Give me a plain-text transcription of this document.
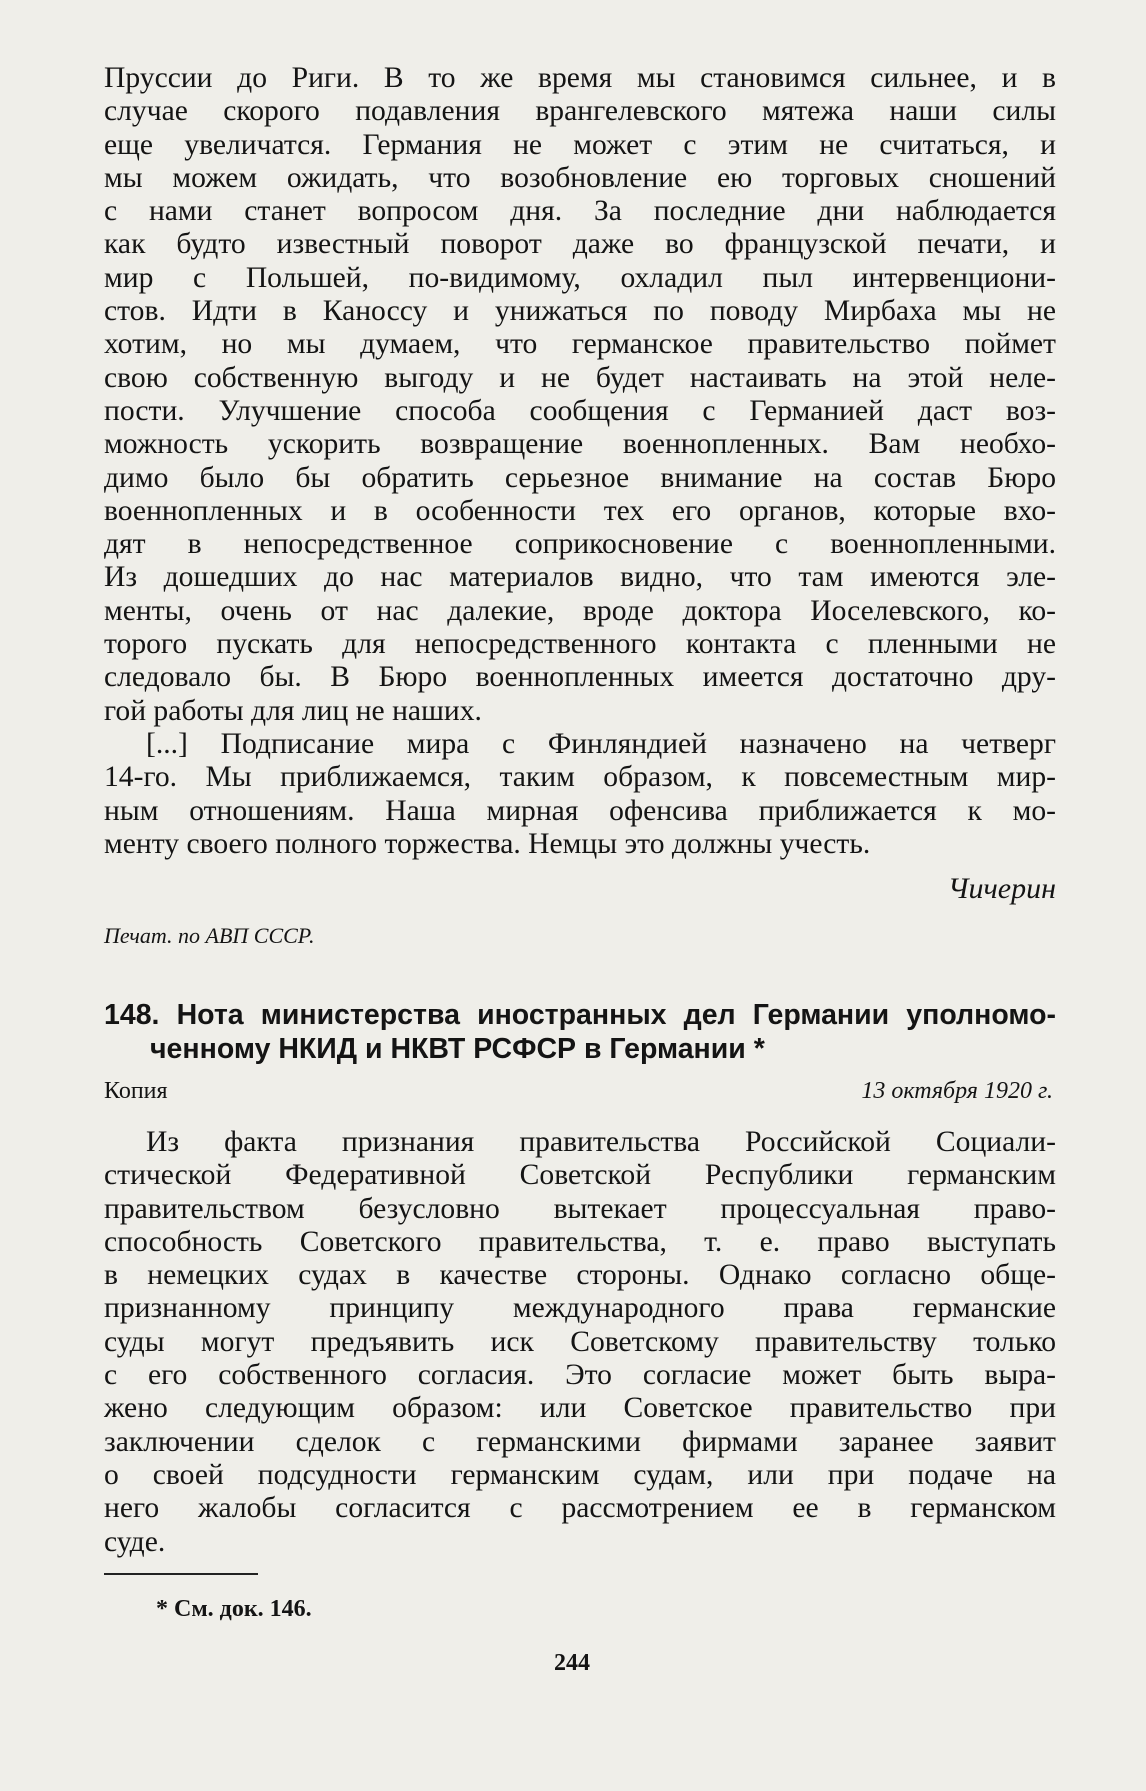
Пруссии до Риги. В то же время мы становимся сильнее, и в
случае скорого подавления врангелевского мятежа наши силы
еще увеличатся. Германия не может с этим не считаться, и
мы можем ожидать, что возобновление ею торговых сношений
с нами станет вопросом дня. За последние дни наблюдается
как будто известный поворот даже во французской печати, и
мир с Польшей, по-видимому, охладил пыл интервенциони-
стов. Идти в Каноссу и унижаться по поводу Мирбаха мы не
хотим, но мы думаем, что германское правительство поймет
свою собственную выгоду и не будет настаивать на этой неле-
пости. Улучшение способа сообщения с Германией даст воз-
можность ускорить возвращение военнопленных. Вам необхо-
димо было бы обратить серьезное внимание на состав Бюро
военнопленных и в особенности тех его органов, которые вхо-
дят в непосредственное соприкосновение с военнопленными.
Из дошедших до нас материалов видно, что там имеются эле-
менты, очень от нас далекие, вроде доктора Иоселевского, ко-
торого пускать для непосредственного контакта с пленными не
следовало бы. В Бюро военнопленных имеется достаточно дру-
гой работы для лиц не наших.
[...] Подписание мира с Финляндией назначено на четверг
14-го. Мы приближаемся, таким образом, к повсеместным мир-
ным отношениям. Наша мирная офенсива приближается к мо-
менту своего полного торжества. Немцы это должны учесть.
Чичерин
Печат. по АВП СССР.
148. Нота министерства иностранных дел Германии уполномо-
ченному НКИД и НКВТ РСФСР в Германии *
Копия	13 октября 1920 г.
Из факта признания правительства Российской Социали-
стической Федеративной Советской Республики германским
правительством безусловно вытекает процессуальная право-
способность Советского правительства, т. е. право выступать
в немецких судах в качестве стороны. Однако согласно обще-
признанному принципу международного права германские
суды могут предъявить иск Советскому правительству только
с его собственного согласия. Это согласие может быть выра-
жено следующим образом: или Советское правительство при
заключении сделок с германскими фирмами заранее заявит
о своей подсудности германским судам, или при подаче на
него жалобы согласится с рассмотрением ее в германском
суде.
* См. док. 146.
244
